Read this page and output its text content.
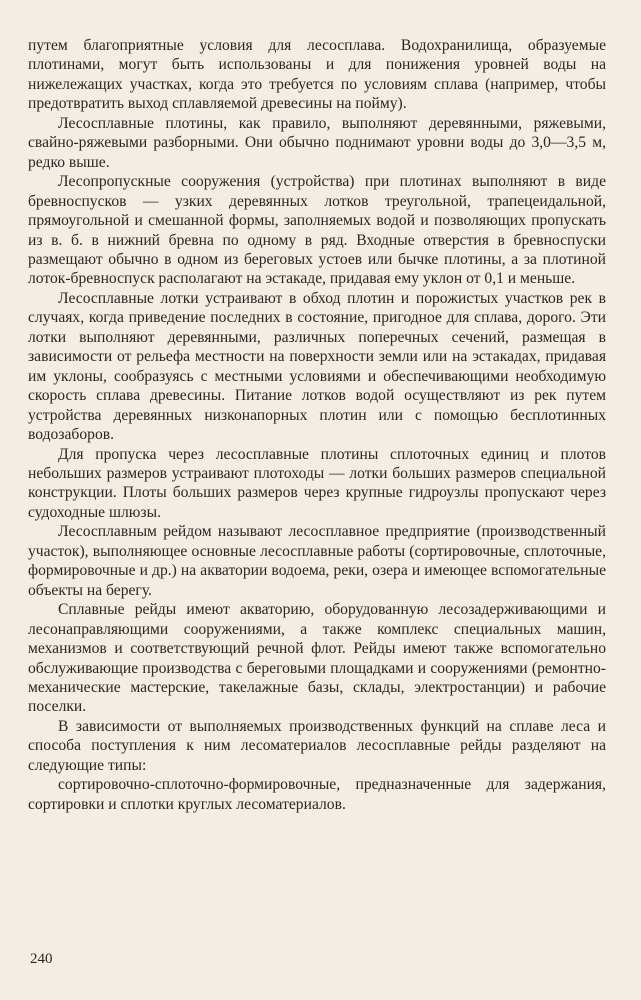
путем благоприятные условия для лесосплава. Водохранилища, образуемые плотинами, могут быть использованы и для понижения уровней воды на нижележащих участках, когда это требуется по условиям сплава (например, чтобы предотвратить выход сплавляемой древесины на пойму).

Лесосплавные плотины, как правило, выполняют деревянными, ряжевыми, свайно-ряжевыми разборными. Они обычно поднимают уровни воды до 3,0—3,5 м, редко выше.

Лесопропускные сооружения (устройства) при плотинах выполняют в виде бревноспусков — узких деревянных лотков треугольной, трапецеидальной, прямоугольной и смешанной формы, заполняемых водой и позволяющих пропускать из в. б. в нижний бревна по одному в ряд. Входные отверстия в бревноспуски размещают обычно в одном из береговых устоев или бычке плотины, а за плотиной лоток-бревноспуск располагают на эстакаде, придавая ему уклон от 0,1 и меньше.

Лесосплавные лотки устраивают в обход плотин и порожистых участков рек в случаях, когда приведение последних в состояние, пригодное для сплава, дорого. Эти лотки выполняют деревянными, различных поперечных сечений, размещая в зависимости от рельефа местности на поверхности земли или на эстакадах, придавая им уклоны, сообразуясь с местными условиями и обеспечивающими необходимую скорость сплава древесины. Питание лотков водой осуществляют из рек путем устройства деревянных низконапорных плотин или с помощью бесплотинных водозаборов.

Для пропуска через лесосплавные плотины сплоточных единиц и плотов небольших размеров устраивают плотоходы — лотки больших размеров специальной конструкции. Плоты больших размеров через крупные гидроузлы пропускают через судоходные шлюзы.

Лесосплавным рейдом называют лесосплавное предприятие (производственный участок), выполняющее основные лесосплавные работы (сортировочные, сплоточные, формировочные и др.) на акватории водоема, реки, озера и имеющее вспомогательные объекты на берегу.

Сплавные рейды имеют акваторию, оборудованную лесозадерживающими и лесонаправляющими сооружениями, а также комплекс специальных машин, механизмов и соответствующий речной флот. Рейды имеют также вспомогательно обслуживающие производства с береговыми площадками и сооружениями (ремонтно-механические мастерские, такелажные базы, склады, электростанции) и рабочие поселки.

В зависимости от выполняемых производственных функций на сплаве леса и способа поступления к ним лесоматериалов лесосплавные рейды разделяют на следующие типы:

сортировочно-сплоточно-формировочные, предназначенные для задержания, сортировки и сплотки круглых лесоматериалов.

240
